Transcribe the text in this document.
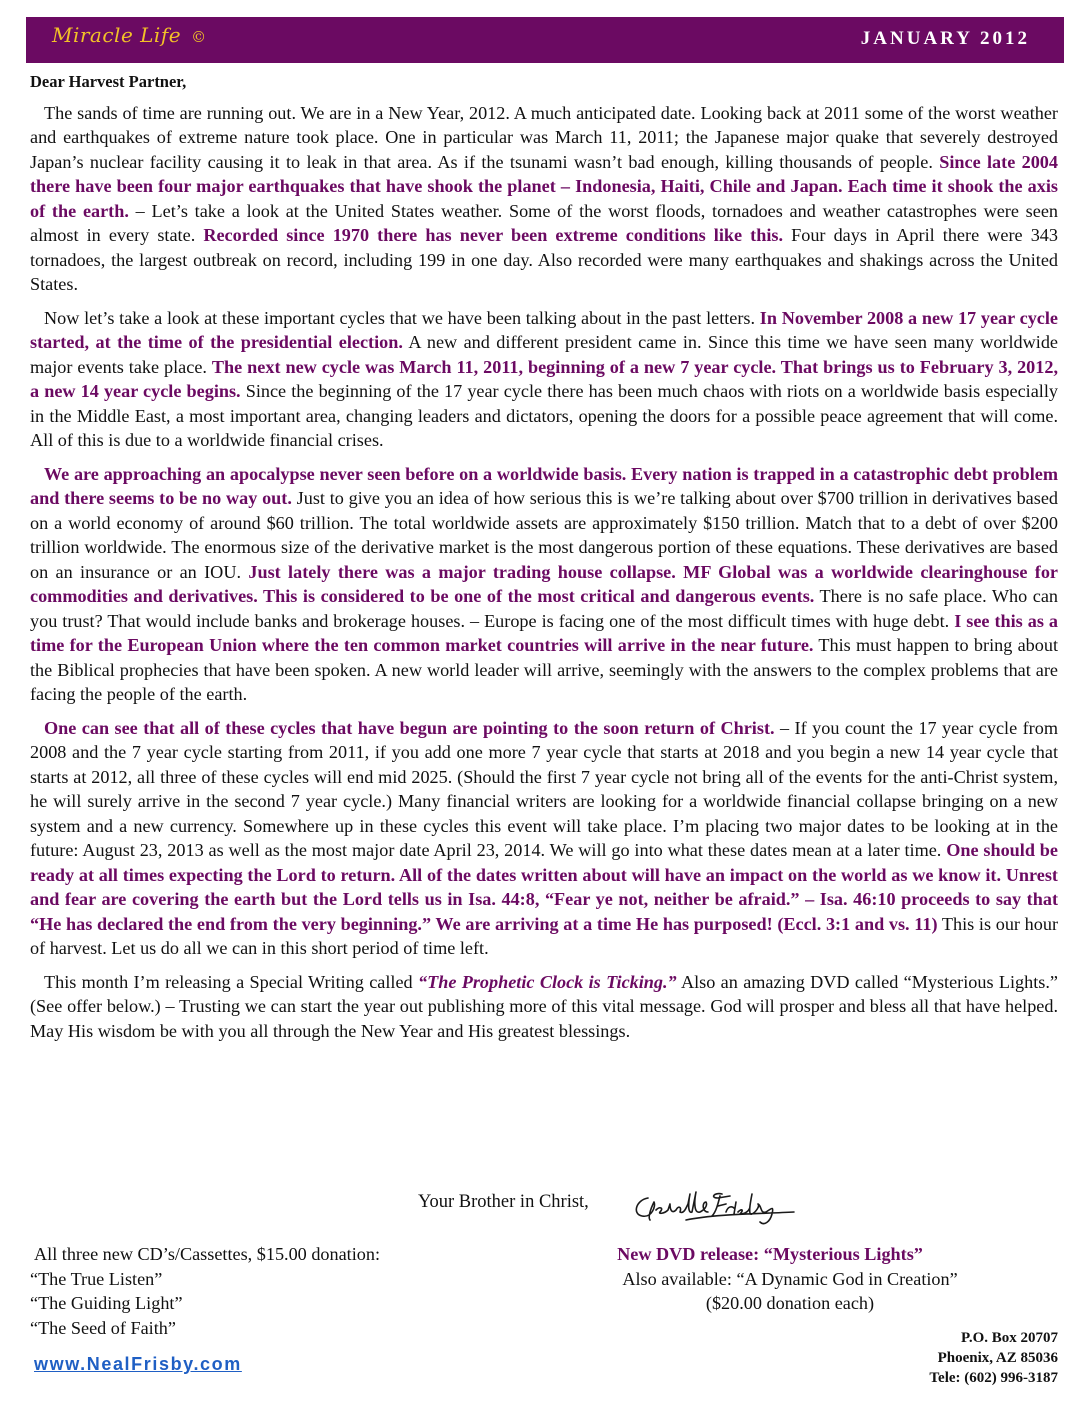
Miracle Life ©	JANUARY 2012
Dear Harvest Partner,

The sands of time are running out. We are in a New Year, 2012. A much anticipated date. Looking back at 2011 some of the worst weather and earthquakes of extreme nature took place. One in particular was March 11, 2011; the Japanese major quake that severely destroyed Japan’s nuclear facility causing it to leak in that area. As if the tsunami wasn’t bad enough, killing thousands of people. Since late 2004 there have been four major earthquakes that have shook the planet – Indonesia, Haiti, Chile and Japan. Each time it shook the axis of the earth. – Let’s take a look at the United States weather. Some of the worst floods, tornadoes and weather catastrophes were seen almost in every state. Recorded since 1970 there has never been extreme conditions like this. Four days in April there were 343 tornadoes, the largest outbreak on record, including 199 in one day. Also recorded were many earthquakes and shakings across the United States.

Now let’s take a look at these important cycles that we have been talking about in the past letters. In November 2008 a new 17 year cycle started, at the time of the presidential election. A new and different president came in. Since this time we have seen many worldwide major events take place. The next new cycle was March 11, 2011, beginning of a new 7 year cycle. That brings us to February 3, 2012, a new 14 year cycle begins. Since the beginning of the 17 year cycle there has been much chaos with riots on a worldwide basis especially in the Middle East, a most important area, changing leaders and dictators, opening the doors for a possible peace agreement that will come. All of this is due to a worldwide financial crises.

We are approaching an apocalypse never seen before on a worldwide basis. Every nation is trapped in a catastrophic debt problem and there seems to be no way out. Just to give you an idea of how serious this is we’re talking about over $700 trillion in derivatives based on a world economy of around $60 trillion. The total worldwide assets are approximately $150 trillion. Match that to a debt of over $200 trillion worldwide. The enormous size of the derivative market is the most dangerous portion of these equations. These derivatives are based on an insurance or an IOU. Just lately there was a major trading house collapse. MF Global was a worldwide clearinghouse for commodities and derivatives. This is considered to be one of the most critical and dangerous events. There is no safe place. Who can you trust? That would include banks and brokerage houses. – Europe is facing one of the most difficult times with huge debt. I see this as a time for the European Union where the ten common market countries will arrive in the near future. This must happen to bring about the Biblical prophecies that have been spoken. A new world leader will arrive, seemingly with the answers to the complex problems that are facing the people of the earth.

One can see that all of these cycles that have begun are pointing to the soon return of Christ. – If you count the 17 year cycle from 2008 and the 7 year cycle starting from 2011, if you add one more 7 year cycle that starts at 2018 and you begin a new 14 year cycle that starts at 2012, all three of these cycles will end mid 2025. (Should the first 7 year cycle not bring all of the events for the anti-Christ system, he will surely arrive in the second 7 year cycle.) Many financial writers are looking for a worldwide financial collapse bringing on a new system and a new currency. Somewhere up in these cycles this event will take place. I’m placing two major dates to be looking at in the future: August 23, 2013 as well as the most major date April 23, 2014. We will go into what these dates mean at a later time. One should be ready at all times expecting the Lord to return. All of the dates written about will have an impact on the world as we know it. Unrest and fear are covering the earth but the Lord tells us in Isa. 44:8, “Fear ye not, neither be afraid.” – Isa. 46:10 proceeds to say that “He has declared the end from the very beginning.” We are arriving at a time He has purposed! (Eccl. 3:1 and vs. 11) This is our hour of harvest. Let us do all we can in this short period of time left.

This month I’m releasing a Special Writing called “The Prophetic Clock is Ticking.” Also an amazing DVD called “Mysterious Lights.” (See offer below.) – Trusting we can start the year out publishing more of this vital message. God will prosper and bless all that have helped. May His wisdom be with you all through the New Year and His greatest blessings.

Your Brother in Christ,
All three new CD’s/Cassettes, $15.00 donation:
“The True Listen”
“The Guiding Light”
“The Seed of Faith”
New DVD release: “Mysterious Lights”
Also available: “A Dynamic God in Creation”
($20.00 donation each)
www.NealFrisby.com
P.O. Box 20707
Phoenix, AZ 85036
Tele: (602) 996-3187
